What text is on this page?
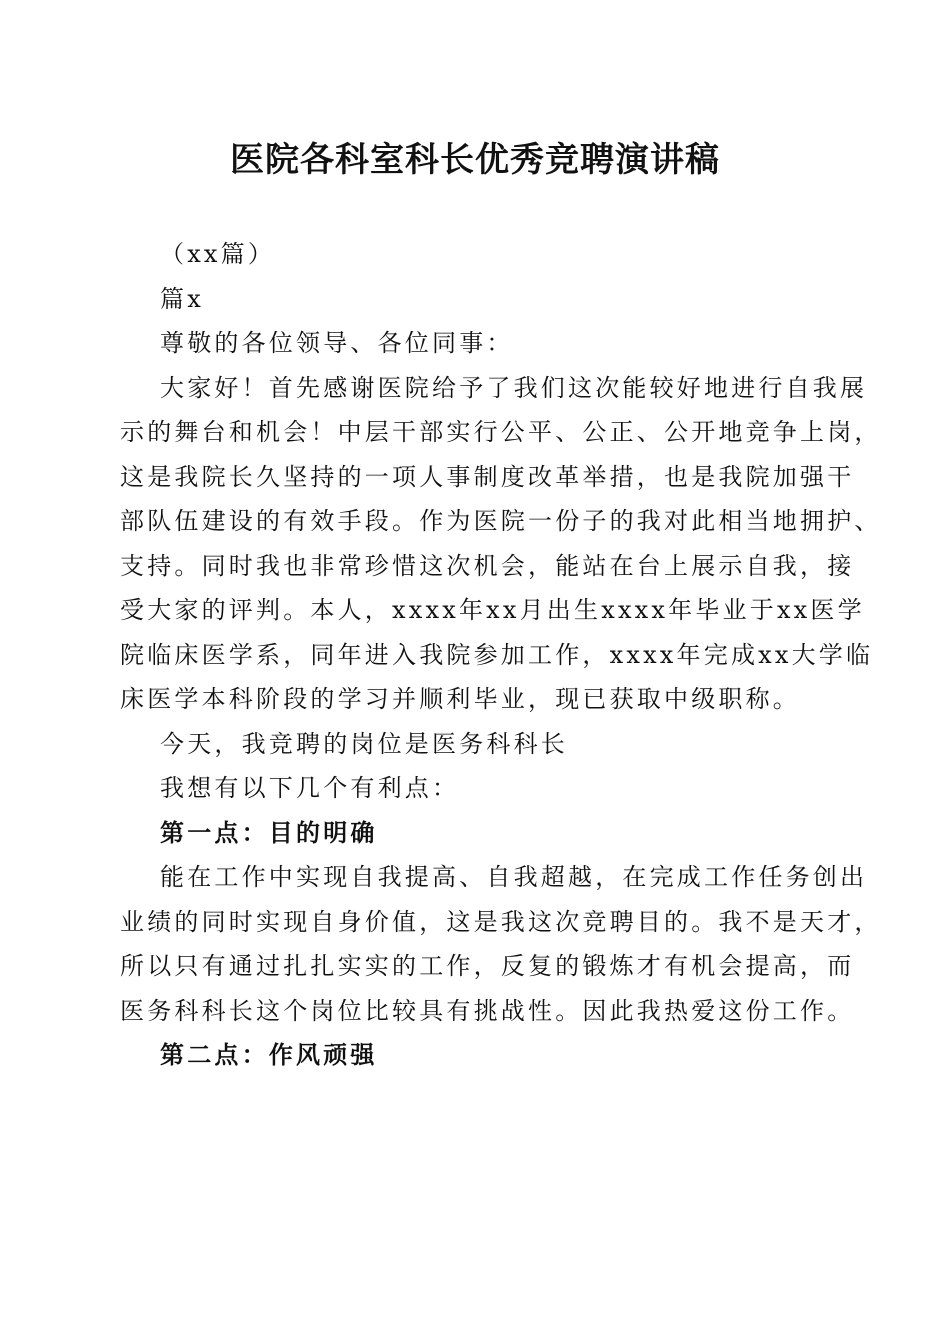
医院各科室科长优秀竞聘演讲稿

（xx篇）

篇x

尊敬的各位领导、各位同事：

大家好！首先感谢医院给予了我们这次能较好地进行自我展
示的舞台和机会！中层干部实行公平、公正、公开地竞争上岗，
这是我院长久坚持的一项人事制度改革举措，也是我院加强干
部队伍建设的有效手段。作为医院一份子的我对此相当地拥护、
支持。同时我也非常珍惜这次机会，能站在台上展示自我，接
受大家的评判。本人，xxxx年xx月出生xxxx年毕业于xx医学
院临床医学系，同年进入我院参加工作，xxxx年完成xx大学临
床医学本科阶段的学习并顺利毕业，现已获取中级职称。

今天，我竞聘的岗位是医务科科长

我想有以下几个有利点：

第一点：目的明确

能在工作中实现自我提高、自我超越，在完成工作任务创出
业绩的同时实现自身价值，这是我这次竞聘目的。我不是天才，
所以只有通过扎扎实实的工作，反复的锻炼才有机会提高，而
医务科科长这个岗位比较具有挑战性。因此我热爱这份工作。

第二点：作风顽强
